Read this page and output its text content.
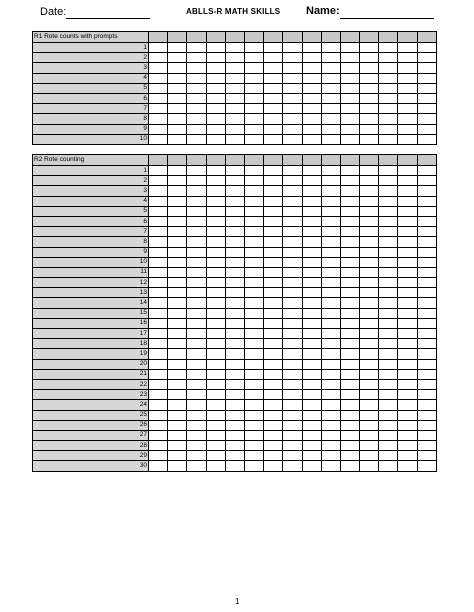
Date:	ABLLS-R MATH SKILLS Name:
R1 Rote counts with prompts															
1															
2															
3															
4															
5															
6															
7															
8															
9															
10															
R2 Rote counting															
1															
2															
3															
4															
5															
6															
7															
8															
9															
10															
11															
12															
13															
14															
15															
16															
17															
18															
19															
20															
21															
22															
23															
24															
25															
26															
27															
28															
29															
30															
1
